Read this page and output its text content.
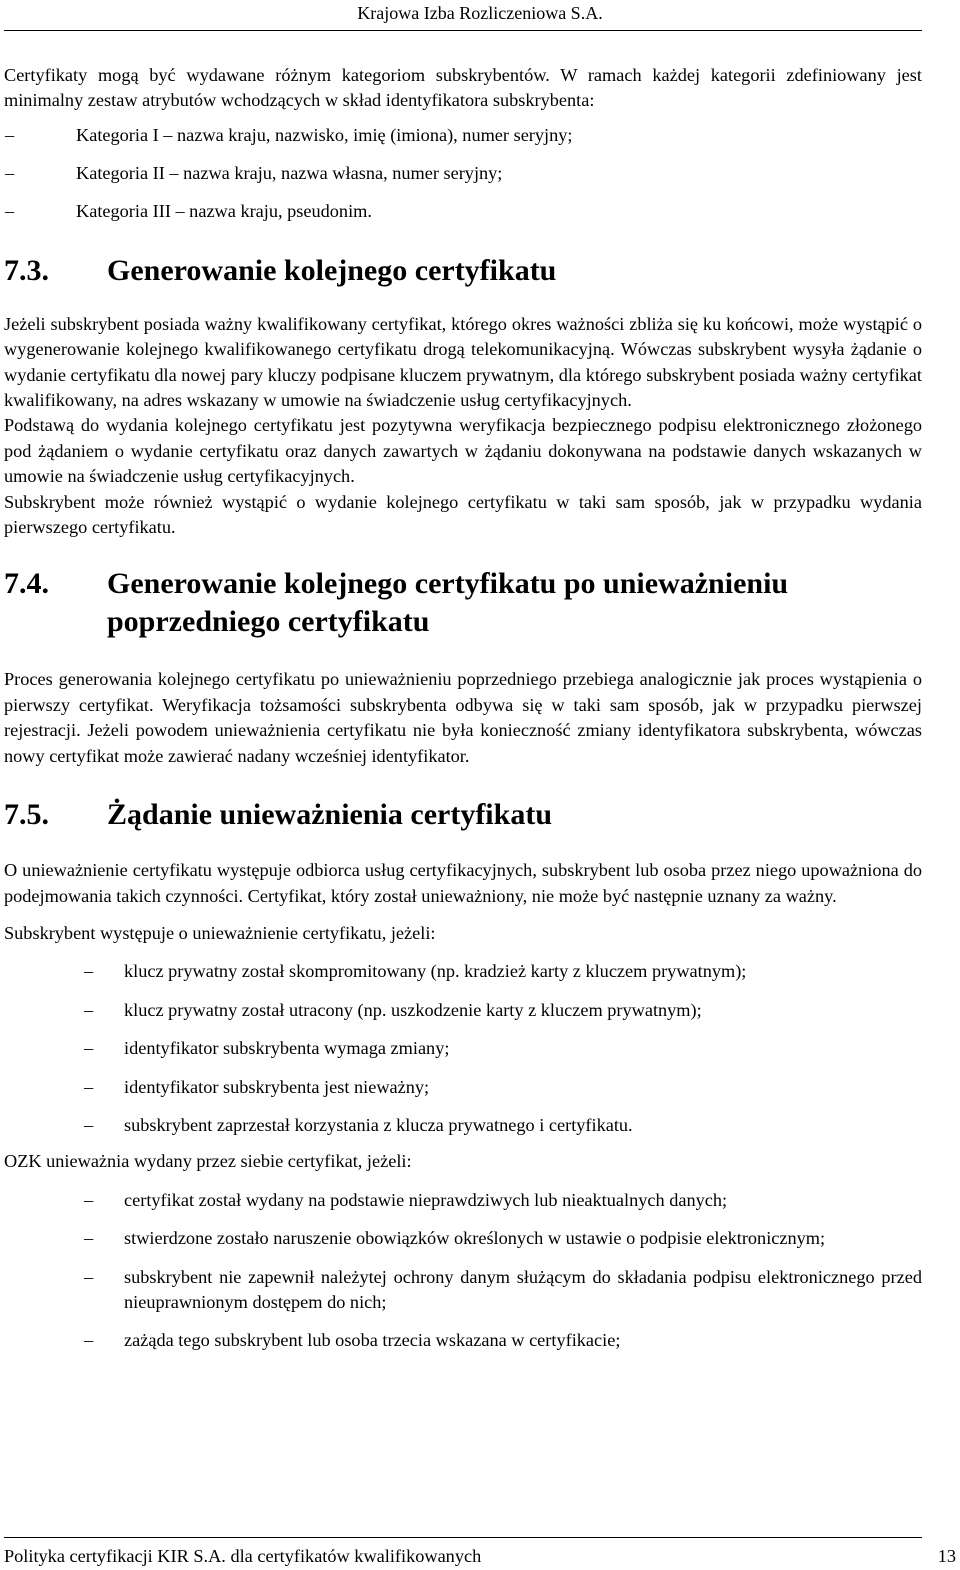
Krajowa Izba Rozliczeniowa S.A.

Certyfikaty mogą być wydawane różnym kategoriom subskrybentów. W ramach każdej kategorii zdefiniowany jest minimalny zestaw atrybutów wchodzących w skład identyfikatora subskrybenta:

–
Kategoria I – nazwa kraju, nazwisko, imię (imiona), numer seryjny;
–
Kategoria II – nazwa kraju, nazwa własna, numer seryjny;
–
Kategoria III – nazwa kraju, pseudonim.
7.3. Generowanie kolejnego certyfikatu

Jeżeli subskrybent posiada ważny kwalifikowany certyfikat, którego okres ważności zbliża się ku końcowi, może wystąpić o wygenerowanie kolejnego kwalifikowanego certyfikatu drogą telekomunikacyjną. Wówczas subskrybent wysyła żądanie o wydanie certyfikatu dla nowej pary kluczy podpisane kluczem prywatnym, dla którego subskrybent posiada ważny certyfikat kwalifikowany, na adres wskazany w umowie na świadczenie usług certyfikacyjnych.

Podstawą do wydania kolejnego certyfikatu jest pozytywna weryfikacja bezpiecznego podpisu elektronicznego złożonego pod żądaniem o wydanie certyfikatu oraz danych zawartych w żądaniu dokonywana na podstawie danych wskazanych w umowie na świadczenie usług certyfikacyjnych.

Subskrybent może również wystąpić o wydanie kolejnego certyfikatu w taki sam sposób, jak w przypadku wydania pierwszego certyfikatu.

7.4. Generowanie kolejnego certyfikatu po unieważnieniu
poprzedniego certyfikatu

Proces generowania kolejnego certyfikatu po unieważnieniu poprzedniego przebiega analogicznie jak proces wystąpienia o pierwszy certyfikat. Weryfikacja tożsamości subskrybenta odbywa się w taki sam sposób, jak w przypadku pierwszej rejestracji. Jeżeli powodem unieważnienia certyfikatu nie była konieczność zmiany identyfikatora subskrybenta, wówczas nowy certyfikat może zawierać nadany wcześniej identyfikator.

7.5. Żądanie unieważnienia certyfikatu

O unieważnienie certyfikatu występuje odbiorca usług certyfikacyjnych, subskrybent lub osoba przez niego upoważniona do podejmowania takich czynności. Certyfikat, który został unieważniony, nie może być następnie uznany za ważny.

Subskrybent występuje o unieważnienie certyfikatu, jeżeli:

–
klucz prywatny został skompromitowany (np. kradzież karty z kluczem prywatnym);
–
klucz prywatny został utracony (np. uszkodzenie karty z kluczem prywatnym);
–
identyfikator subskrybenta wymaga zmiany;
–
identyfikator subskrybenta jest nieważny;
–
subskrybent zaprzestał korzystania z klucza prywatnego i certyfikatu.

OZK unieważnia wydany przez siebie certyfikat, jeżeli:

–
certyfikat został wydany na podstawie nieprawdziwych lub nieaktualnych danych;
–
stwierdzone zostało naruszenie obowiązków określonych w ustawie o podpisie elektronicznym;
–
subskrybent nie zapewnił należytej ochrony danym służącym do składania podpisu elektronicznego przed nieuprawnionym dostępem do nich;
–
zażąda tego subskrybent lub osoba trzecia wskazana w certyfikacie;
Polityka certyfikacji KIR S.A. dla certyfikatów kwalifikowanych	13
